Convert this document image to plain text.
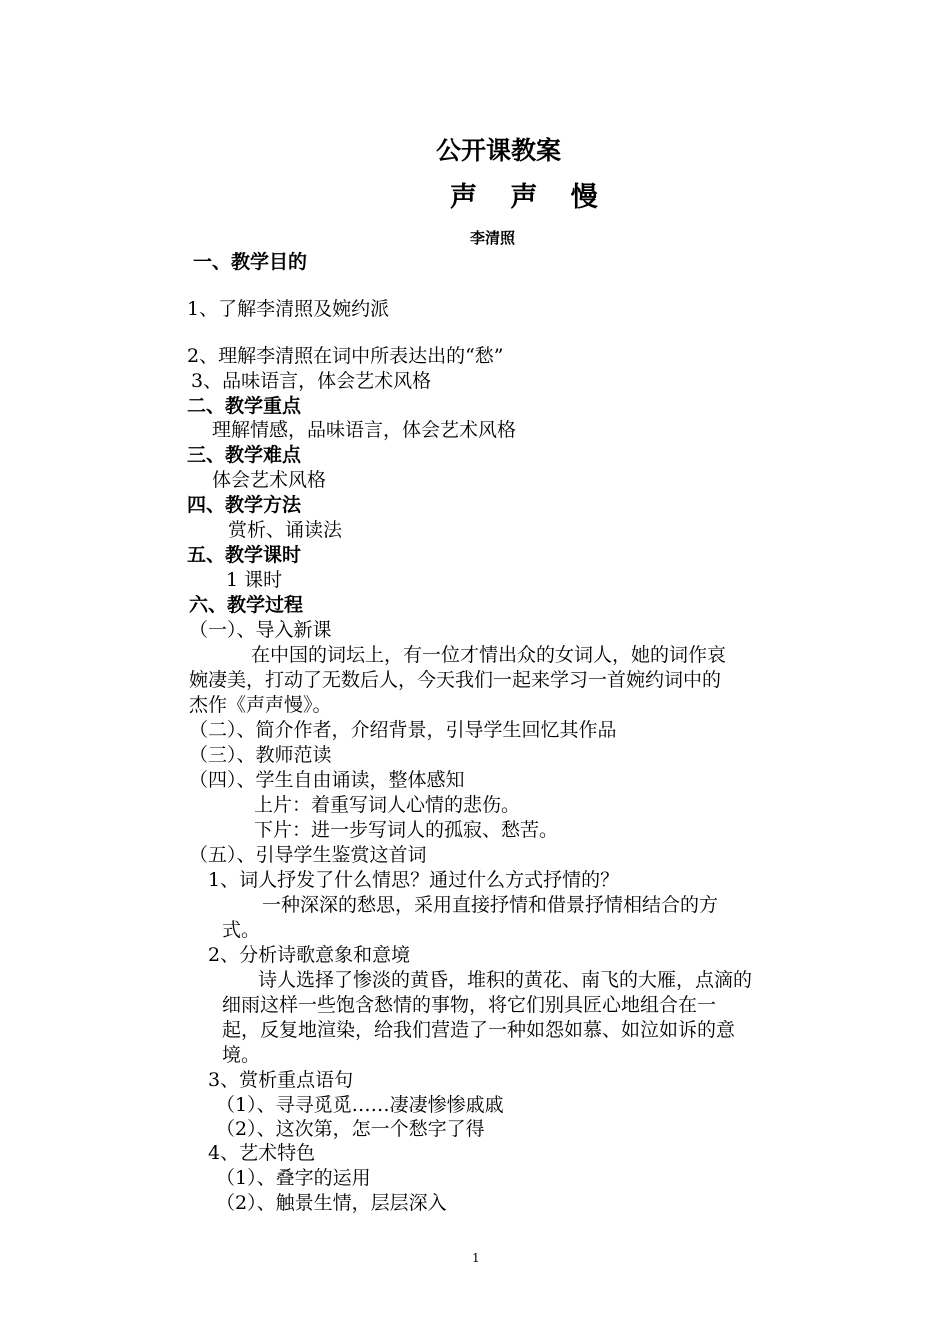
公开课教案
声 声 慢
李清照
一、教学目的
1、了解李清照及婉约派
2、理解李清照在词中所表达出的“愁”
3、品味语言，体会艺术风格
二、教学重点
理解情感，品味语言，体会艺术风格
三、教学难点
体会艺术风格
四、教学方法
赏析、诵读法
五、教学课时
1 课时
六、教学过程
（一）、导入新课
在中国的词坛上，有一位才情出众的女词人，她的词作哀
婉凄美，打动了无数后人，今天我们一起来学习一首婉约词中的
杰作《声声慢》。
（二）、简介作者，介绍背景，引导学生回忆其作品
（三）、教师范读
（四）、学生自由诵读，整体感知
上片：着重写词人心情的悲伤。
下片：进一步写词人的孤寂、愁苦。
（五）、引导学生鉴赏这首词
1、词人抒发了什么情思？通过什么方式抒情的？
一种深深的愁思，采用直接抒情和借景抒情相结合的方
式。
2、分析诗歌意象和意境
诗人选择了惨淡的黄昏，堆积的黄花、南飞的大雁，点滴的
细雨这样一些饱含愁情的事物，将它们别具匠心地组合在一
起，反复地渲染，给我们营造了一种如怨如慕、如泣如诉的意
境。
3、赏析重点语句
（1）、寻寻觅觅……凄凄惨惨戚戚
（2）、这次第，怎一个愁字了得
4、艺术特色
（1）、叠字的运用
（2）、触景生情，层层深入
1
